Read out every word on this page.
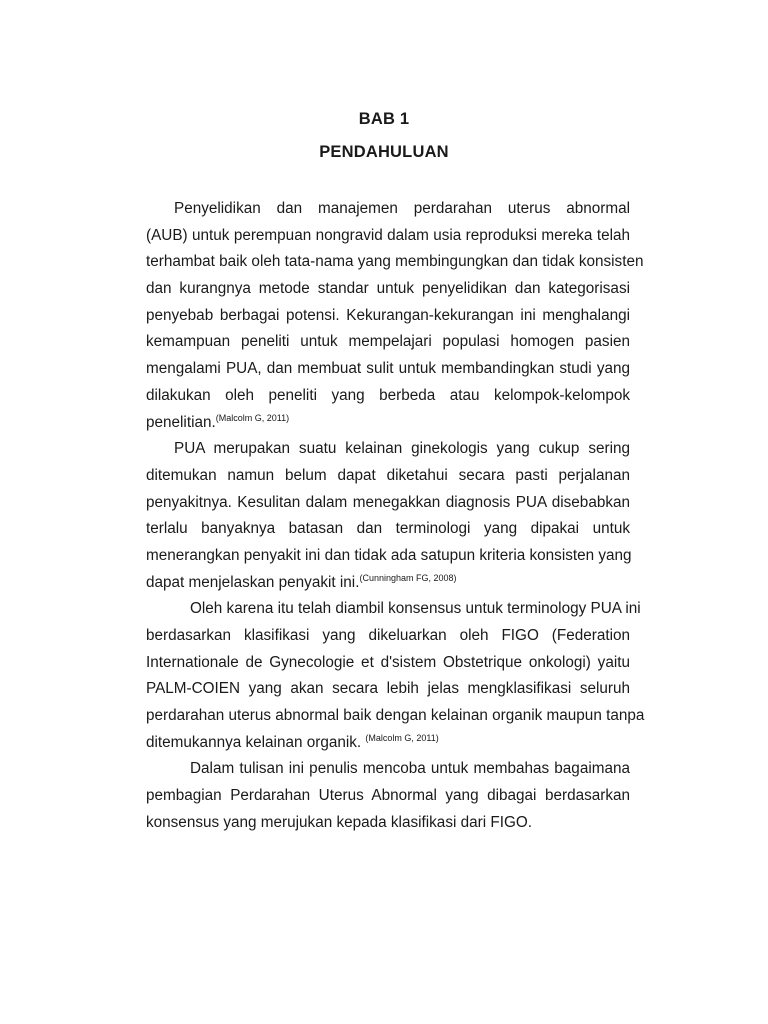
BAB 1
PENDAHULUAN
Penyelidikan dan manajemen perdarahan uterus abnormal
(AUB) untuk perempuan nongravid dalam usia reproduksi mereka telah
terhambat baik oleh tata-nama yang membingungkan dan tidak konsisten
dan kurangnya metode standar untuk penyelidikan dan kategorisasi
penyebab berbagai potensi. Kekurangan-kekurangan ini menghalangi
kemampuan peneliti untuk mempelajari populasi homogen pasien
mengalami PUA, dan membuat sulit untuk membandingkan studi yang
dilakukan oleh peneliti yang berbeda atau kelompok-kelompok
penelitian.$^{(Malcolm G, 2011)}$
PUA merupakan suatu kelainan ginekologis yang cukup sering
ditemukan namun belum dapat diketahui secara pasti perjalanan
penyakitnya. Kesulitan dalam menegakkan diagnosis PUA disebabkan
terlalu banyaknya batasan dan terminologi yang dipakai untuk
menerangkan penyakit ini dan tidak ada satupun kriteria konsisten yang
dapat menjelaskan penyakit ini.$^{(Cunningham FG, 2008)}$
Oleh karena itu telah diambil konsensus untuk terminology PUA ini
berdasarkan klasifikasi yang dikeluarkan oleh FIGO (Federation
Internationale de Gynecologie et d'sistem Obstetrique onkologi) yaitu
PALM-COIEN yang akan secara lebih jelas mengklasifikasi seluruh
perdarahan uterus abnormal baik dengan kelainan organik maupun tanpa
ditemukannya kelainan organik. $^{(Malcolm G, 2011)}$
Dalam tulisan ini penulis mencoba untuk membahas bagaimana
pembagian Perdarahan Uterus Abnormal yang dibagai berdasarkan
konsensus yang merujukan kepada klasifikasi dari FIGO.
